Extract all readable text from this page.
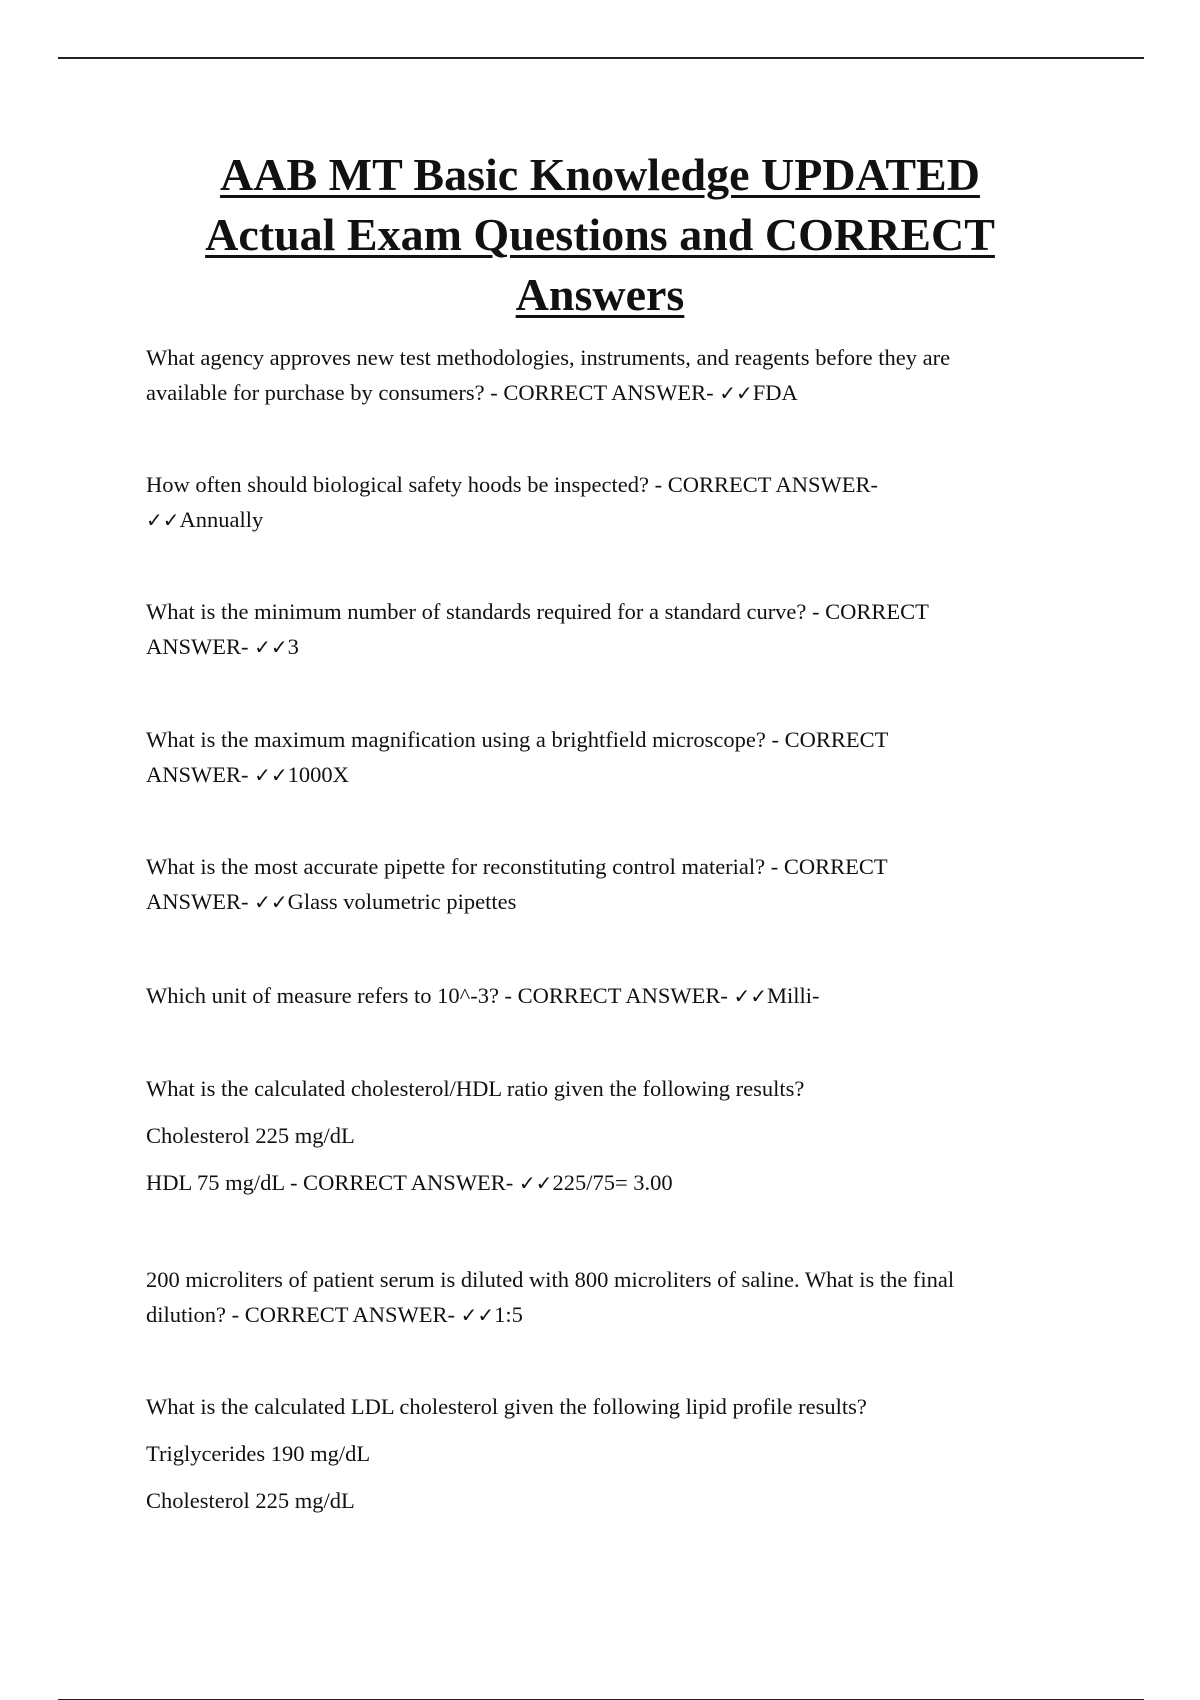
AAB MT Basic Knowledge UPDATED
Actual Exam Questions and CORRECT
Answers
What agency approves new test methodologies, instruments, and reagents before they are
available for purchase by consumers? - CORRECT ANSWER- ✓✓FDA
How often should biological safety hoods be inspected? - CORRECT ANSWER-
✓✓Annually
What is the minimum number of standards required for a standard curve? - CORRECT
ANSWER- ✓✓3
What is the maximum magnification using a brightfield microscope? - CORRECT
ANSWER- ✓✓1000X
What is the most accurate pipette for reconstituting control material? - CORRECT
ANSWER- ✓✓Glass volumetric pipettes
Which unit of measure refers to 10^-3? - CORRECT ANSWER- ✓✓Milli-
What is the calculated cholesterol/HDL ratio given the following results?
Cholesterol 225 mg/dL
HDL 75 mg/dL - CORRECT ANSWER- ✓✓225/75= 3.00
200 microliters of patient serum is diluted with 800 microliters of saline. What is the final
dilution? - CORRECT ANSWER- ✓✓1:5
What is the calculated LDL cholesterol given the following lipid profile results?
Triglycerides 190 mg/dL
Cholesterol 225 mg/dL
